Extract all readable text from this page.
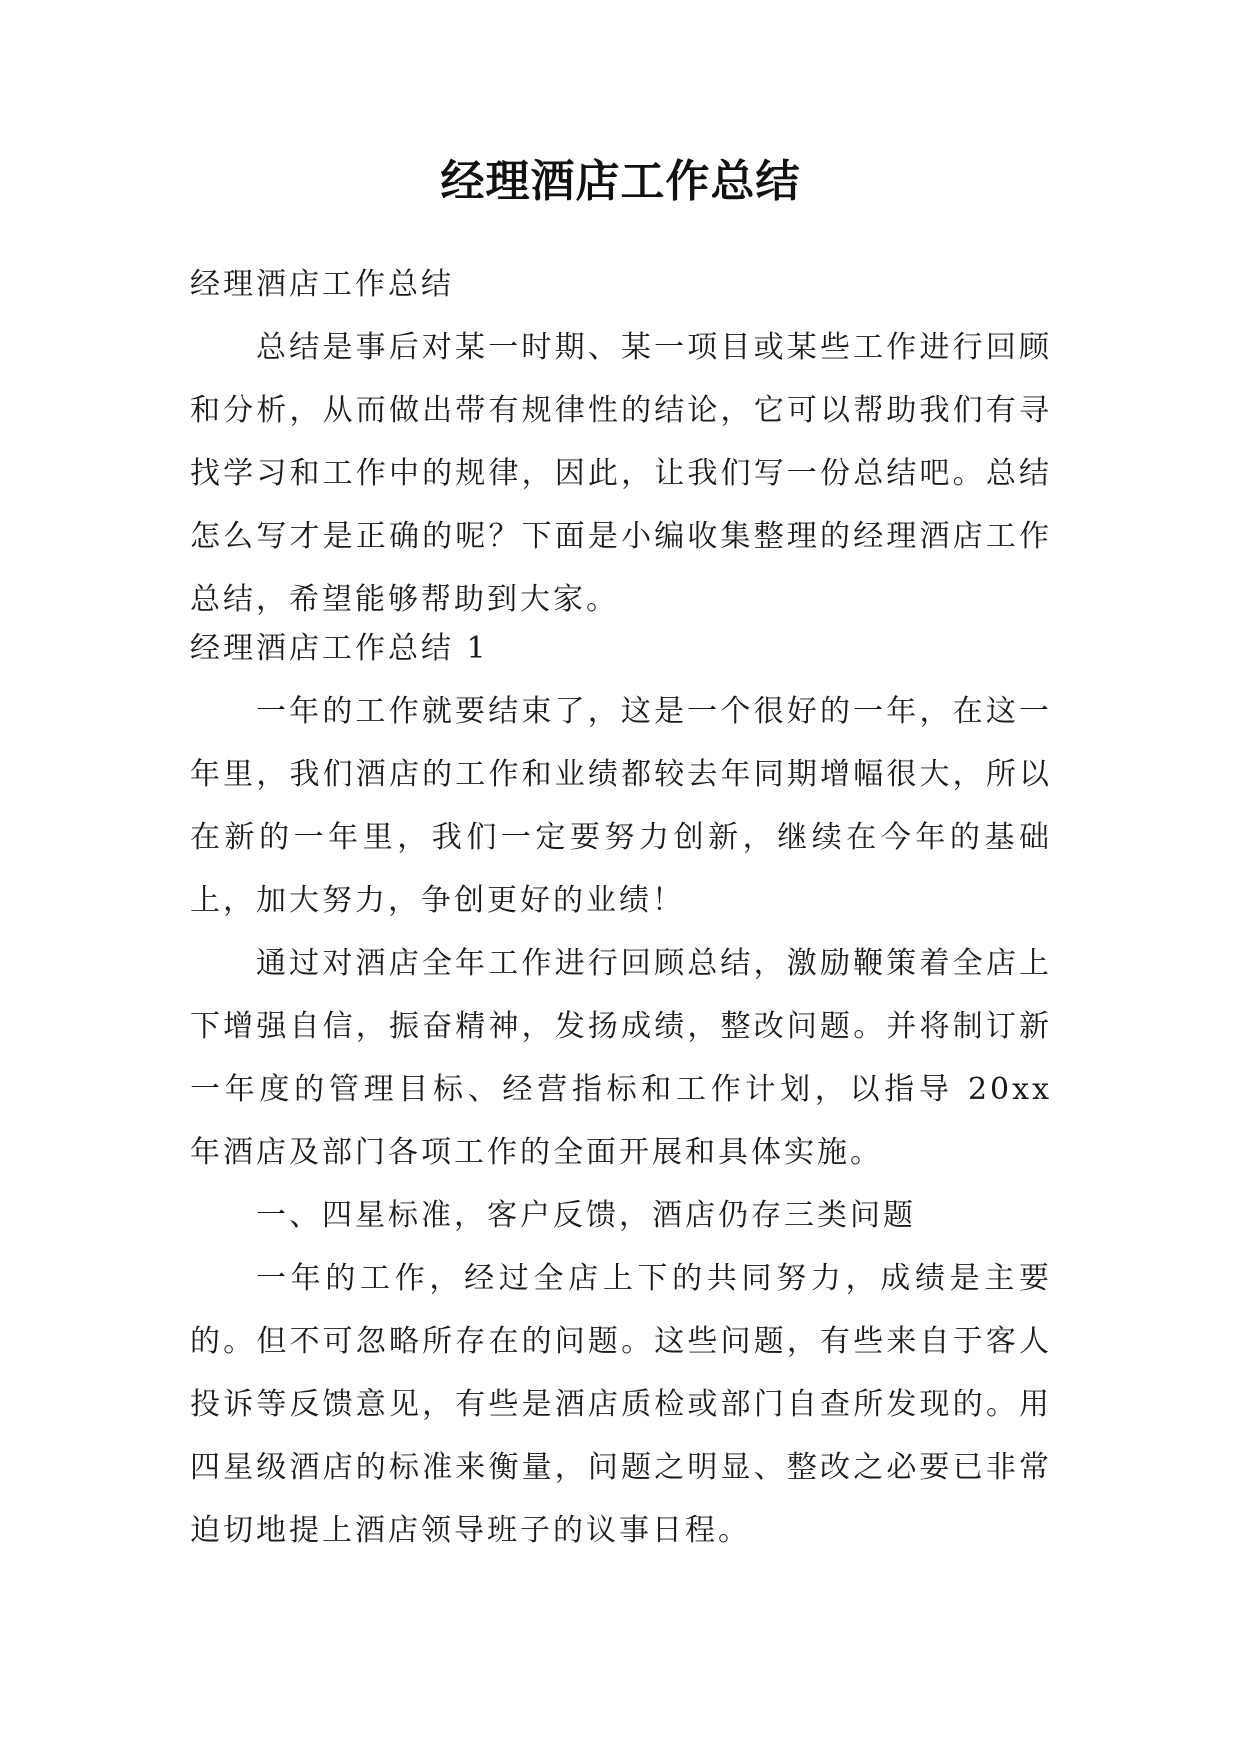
经理酒店工作总结

经理酒店工作总结

总结是事后对某一时期、某一项目或某些工作进行回顾和分析，从而做出带有规律性的结论，它可以帮助我们有寻找学习和工作中的规律，因此，让我们写一份总结吧。总结怎么写才是正确的呢？下面是小编收集整理的经理酒店工作总结，希望能够帮助到大家。

经理酒店工作总结 1

一年的工作就要结束了，这是一个很好的一年，在这一年里，我们酒店的工作和业绩都较去年同期增幅很大，所以在新的一年里，我们一定要努力创新，继续在今年的基础上，加大努力，争创更好的业绩！

通过对酒店全年工作进行回顾总结，激励鞭策着全店上下增强自信，振奋精神，发扬成绩，整改问题。并将制订新一年度的管理目标、经营指标和工作计划，以指导 20xx 年酒店及部门各项工作的全面开展和具体实施。

一、四星标准，客户反馈，酒店仍存三类问题

一年的工作，经过全店上下的共同努力，成绩是主要的。但不可忽略所存在的问题。这些问题，有些来自于客人投诉等反馈意见，有些是酒店质检或部门自查所发现的。用四星级酒店的标准来衡量，问题之明显、整改之必要已非常迫切地提上酒店领导班子的议事日程。
